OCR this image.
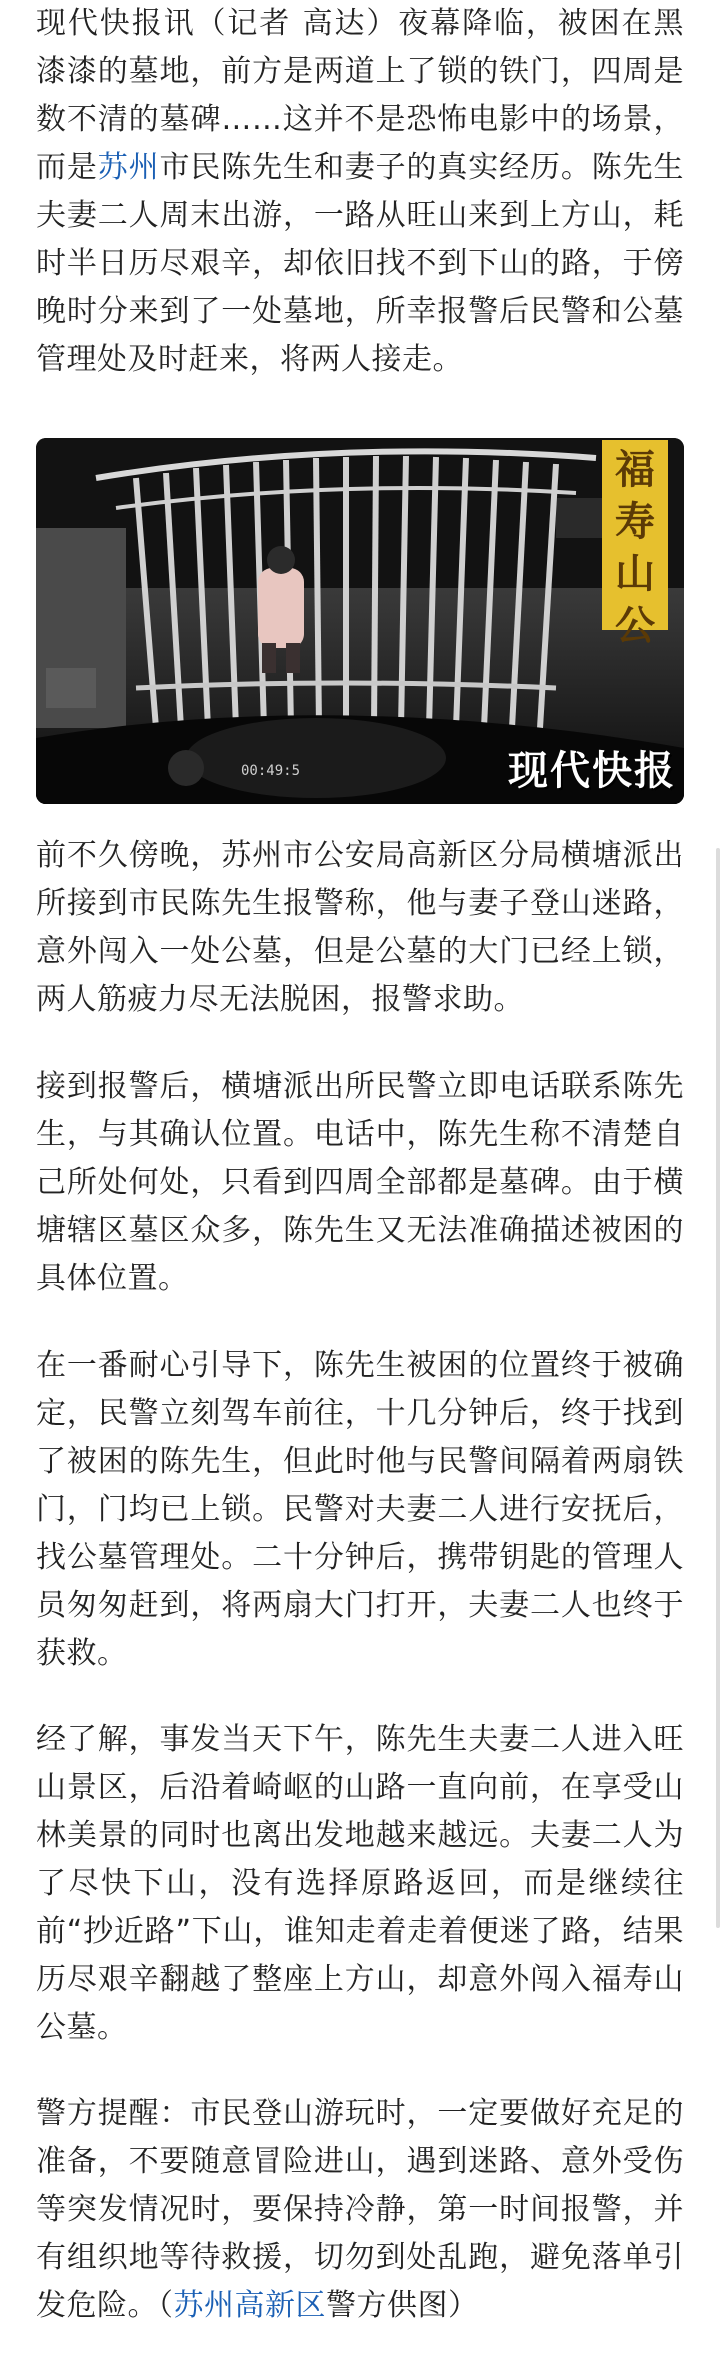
现代快报讯（记者 高达）夜幕降临，被困在黑漆漆的墓地，前方是两道上了锁的铁门，四周是数不清的墓碑……这并不是恐怖电影中的场景，而是苏州市民陈先生和妻子的真实经历。陈先生夫妻二人周末出游，一路从旺山来到上方山，耗时半日历尽艰辛，却依旧找不到下山的路，于傍晚时分来到了一处墓地，所幸报警后民警和公墓管理处及时赶来，将两人接走。

福寿山公
00:49:5	现代快报

前不久傍晚，苏州市公安局高新区分局横塘派出所接到市民陈先生报警称，他与妻子登山迷路，意外闯入一处公墓，但是公墓的大门已经上锁，两人筋疲力尽无法脱困，报警求助。

接到报警后，横塘派出所民警立即电话联系陈先生，与其确认位置。电话中，陈先生称不清楚自己所处何处，只看到四周全部都是墓碑。由于横塘辖区墓区众多，陈先生又无法准确描述被困的具体位置。

在一番耐心引导下，陈先生被困的位置终于被确定，民警立刻驾车前往，十几分钟后，终于找到了被困的陈先生，但此时他与民警间隔着两扇铁门，门均已上锁。民警对夫妻二人进行安抚后，找公墓管理处。二十分钟后，携带钥匙的管理人员匆匆赶到，将两扇大门打开，夫妻二人也终于获救。

经了解，事发当天下午，陈先生夫妻二人进入旺山景区，后沿着崎岖的山路一直向前，在享受山林美景的同时也离出发地越来越远。夫妻二人为了尽快下山，没有选择原路返回，而是继续往前“抄近路”下山，谁知走着走着便迷了路，结果历尽艰辛翻越了整座上方山，却意外闯入福寿山公墓。

警方提醒：市民登山游玩时，一定要做好充足的准备，不要随意冒险进山，遇到迷路、意外受伤等突发情况时，要保持冷静，第一时间报警，并有组织地等待救援，切勿到处乱跑，避免落单引发危险。（苏州高新区警方供图）
